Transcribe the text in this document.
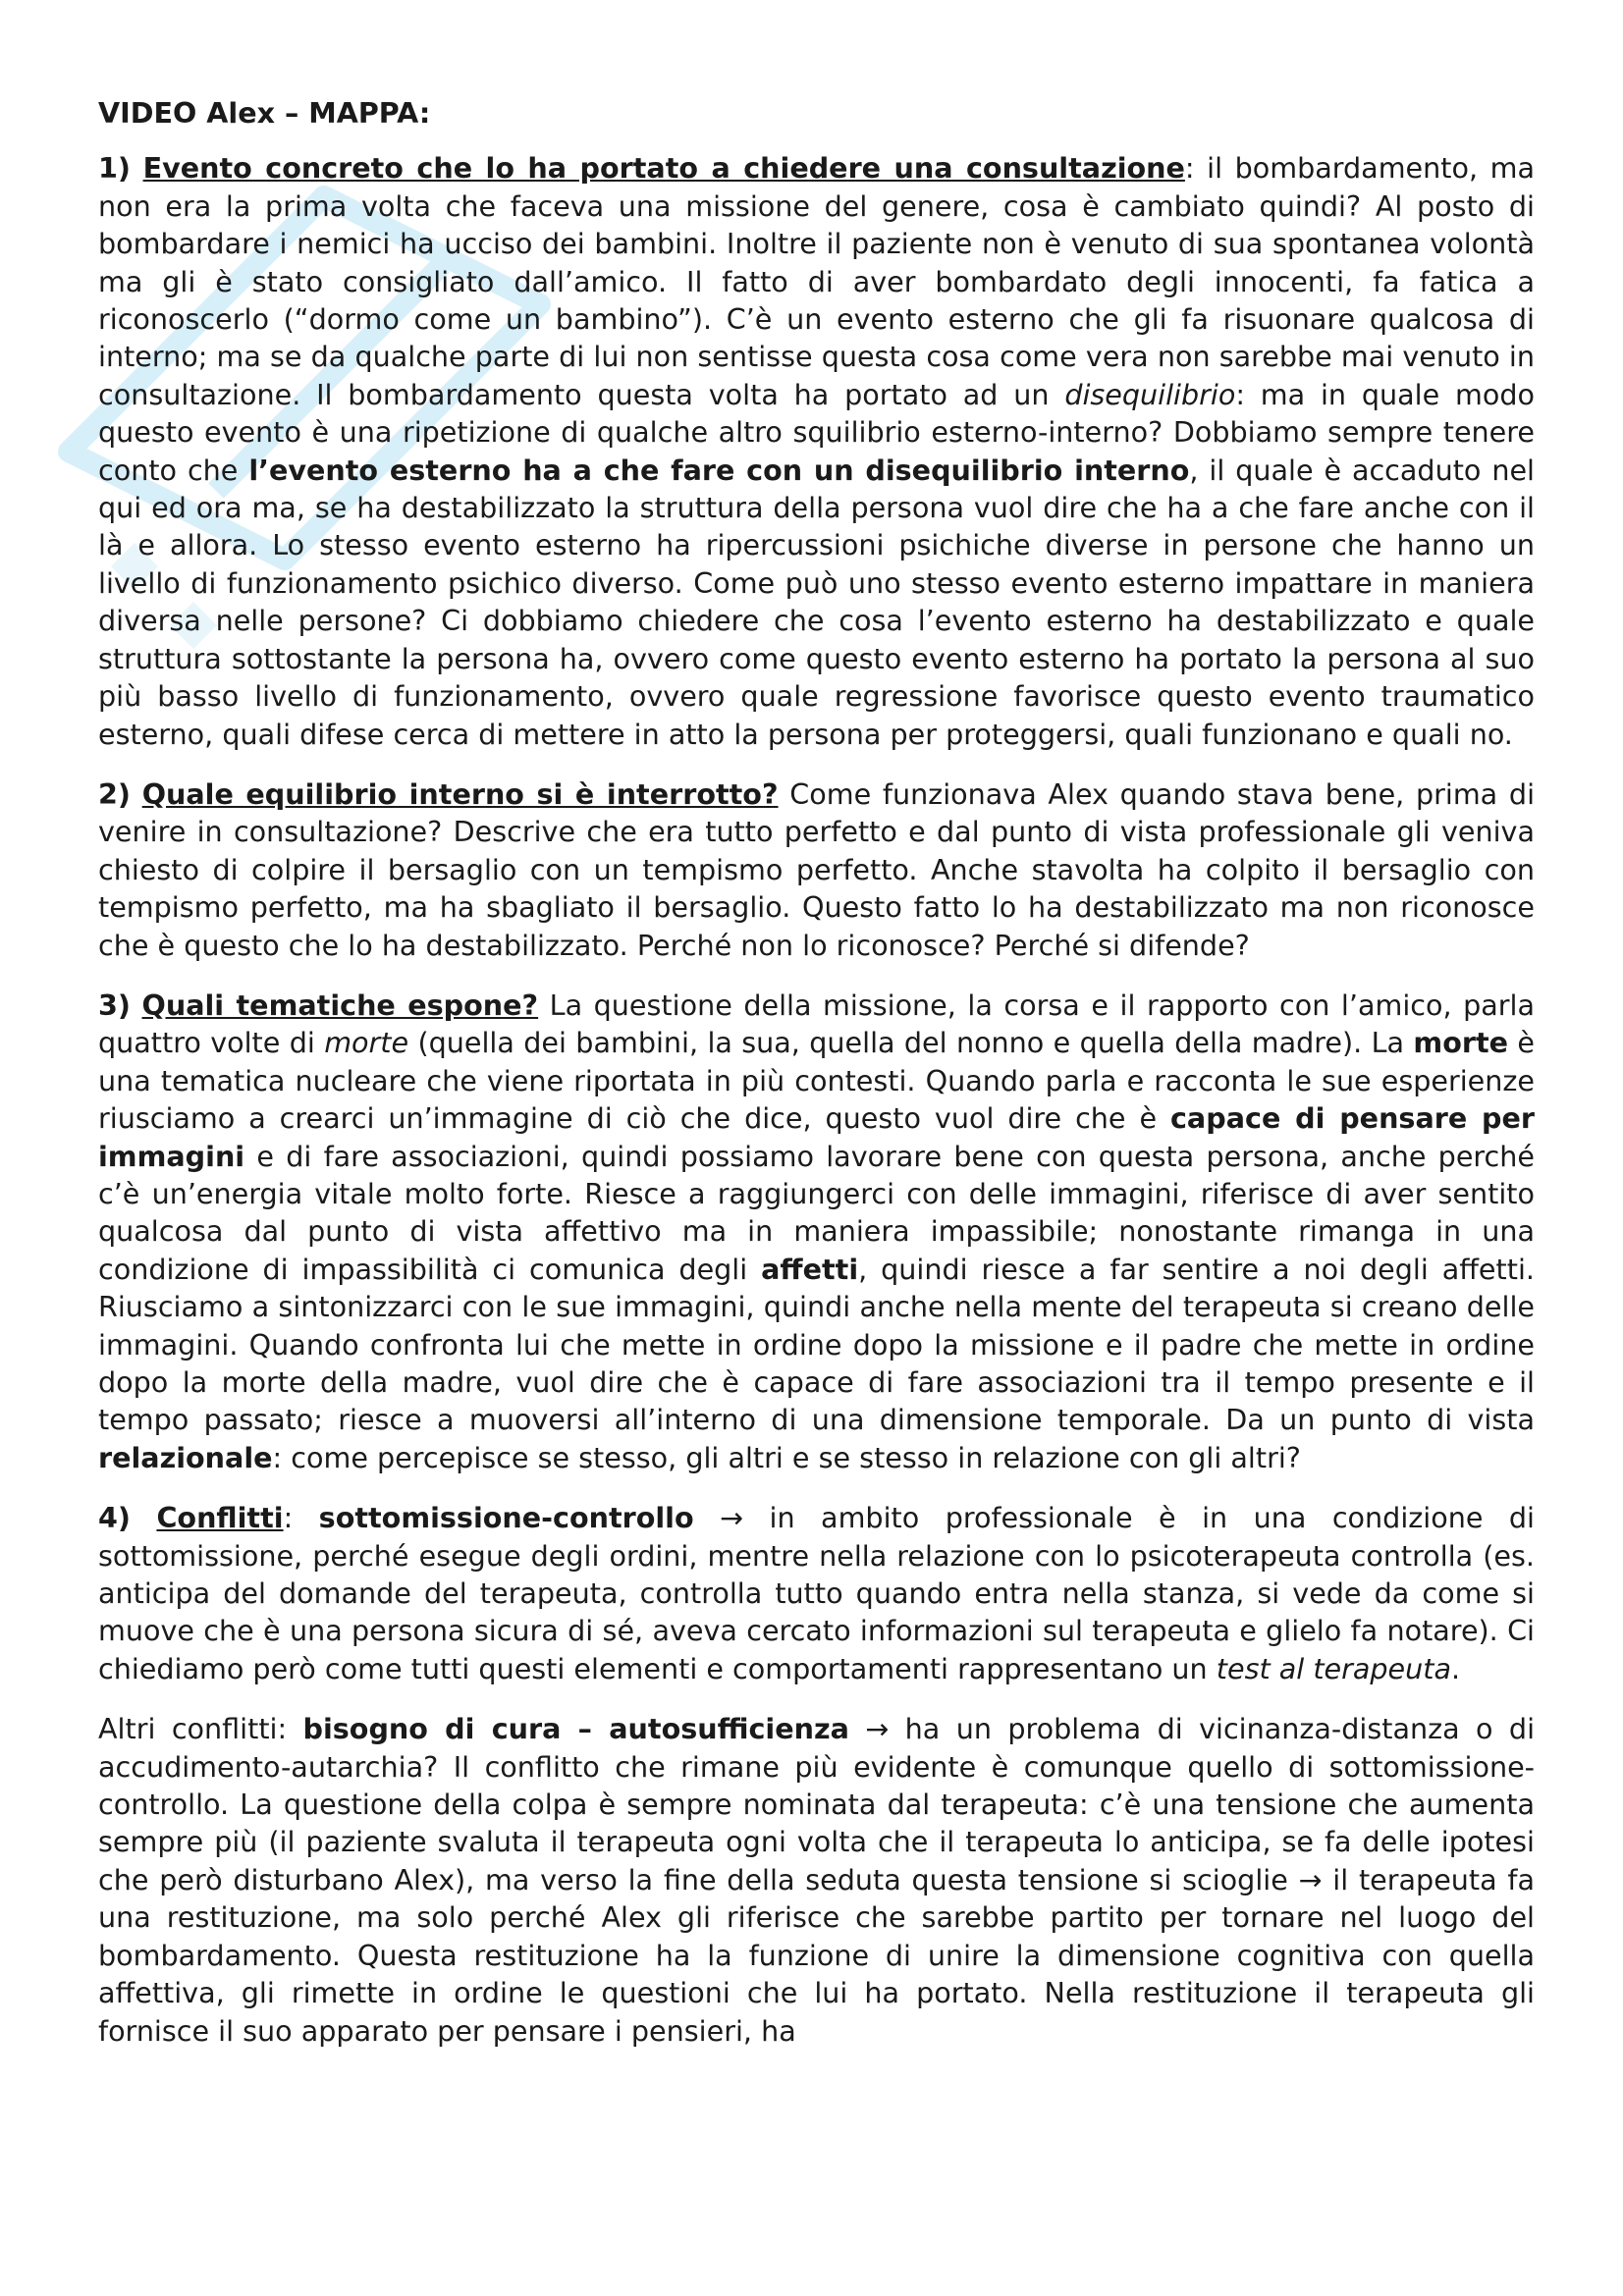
VIDEO Alex – MAPPA:

1) Evento concreto che lo ha portato a chiedere una consultazione: il bombardamento, ma non era la prima volta che faceva una missione del genere, cosa è cambiato quindi? Al posto di bombardare i nemici ha ucciso dei bambini. Inoltre il paziente non è venuto di sua spontanea volontà ma gli è stato consigliato dall’amico. Il fatto di aver bombardato degli innocenti, fa fatica a riconoscerlo (“dormo come un bambino”). C’è un evento esterno che gli fa risuonare qualcosa di interno; ma se da qualche parte di lui non sentisse questa cosa come vera non sarebbe mai venuto in consultazione. Il bombardamento questa volta ha portato ad un disequilibrio: ma in quale modo questo evento è una ripetizione di qualche altro squilibrio esterno-interno? Dobbiamo sempre tenere conto che l’evento esterno ha a che fare con un disequilibrio interno, il quale è accaduto nel qui ed ora ma, se ha destabilizzato la struttura della persona vuol dire che ha a che fare anche con il là e allora. Lo stesso evento esterno ha ripercussioni psichiche diverse in persone che hanno un livello di funzionamento psichico diverso. Come può uno stesso evento esterno impattare in maniera diversa nelle persone? Ci dobbiamo chiedere che cosa l’evento esterno ha destabilizzato e quale struttura sottostante la persona ha, ovvero come questo evento esterno ha portato la persona al suo più basso livello di funzionamento, ovvero quale regressione favorisce questo evento traumatico esterno, quali difese cerca di mettere in atto la persona per proteggersi, quali funzionano e quali no.

2) Quale equilibrio interno si è interrotto? Come funzionava Alex quando stava bene, prima di venire in consultazione? Descrive che era tutto perfetto e dal punto di vista professionale gli veniva chiesto di colpire il bersaglio con un tempismo perfetto. Anche stavolta ha colpito il bersaglio con tempismo perfetto, ma ha sbagliato il bersaglio. Questo fatto lo ha destabilizzato ma non riconosce che è questo che lo ha destabilizzato. Perché non lo riconosce? Perché si difende?

3) Quali tematiche espone? La questione della missione, la corsa e il rapporto con l’amico, parla quattro volte di morte (quella dei bambini, la sua, quella del nonno e quella della madre). La morte è una tematica nucleare che viene riportata in più contesti. Quando parla e racconta le sue esperienze riusciamo a crearci un’immagine di ciò che dice, questo vuol dire che è capace di pensare per immagini e di fare associazioni, quindi possiamo lavorare bene con questa persona, anche perché c’è un’energia vitale molto forte. Riesce a raggiungerci con delle immagini, riferisce di aver sentito qualcosa dal punto di vista affettivo ma in maniera impassibile; nonostante rimanga in una condizione di impassibilità ci comunica degli affetti, quindi riesce a far sentire a noi degli affetti. Riusciamo a sintonizzarci con le sue immagini, quindi anche nella mente del terapeuta si creano delle immagini. Quando confronta lui che mette in ordine dopo la missione e il padre che mette in ordine dopo la morte della madre, vuol dire che è capace di fare associazioni tra il tempo presente e il tempo passato; riesce a muoversi all’interno di una dimensione temporale. Da un punto di vista relazionale: come percepisce se stesso, gli altri e se stesso in relazione con gli altri?

4) Conflitti: sottomissione-controllo → in ambito professionale è in una condizione di sottomissione, perché esegue degli ordini, mentre nella relazione con lo psicoterapeuta controlla (es. anticipa del domande del terapeuta, controlla tutto quando entra nella stanza, si vede da come si muove che è una persona sicura di sé, aveva cercato informazioni sul terapeuta e glielo fa notare). Ci chiediamo però come tutti questi elementi e comportamenti rappresentano un test al terapeuta.

Altri conflitti: bisogno di cura – autosufficienza → ha un problema di vicinanza-distanza o di accudimento-autarchia? Il conflitto che rimane più evidente è comunque quello di sottomissione-controllo. La questione della colpa è sempre nominata dal terapeuta: c’è una tensione che aumenta sempre più (il paziente svaluta il terapeuta ogni volta che il terapeuta lo anticipa, se fa delle ipotesi che però disturbano Alex), ma verso la fine della seduta questa tensione si scioglie → il terapeuta fa una restituzione, ma solo perché Alex gli riferisce che sarebbe partito per tornare nel luogo del bombardamento. Questa restituzione ha la funzione di unire la dimensione cognitiva con quella affettiva, gli rimette in ordine le questioni che lui ha portato. Nella restituzione il terapeuta gli fornisce il suo apparato per pensare i pensieri, ha
